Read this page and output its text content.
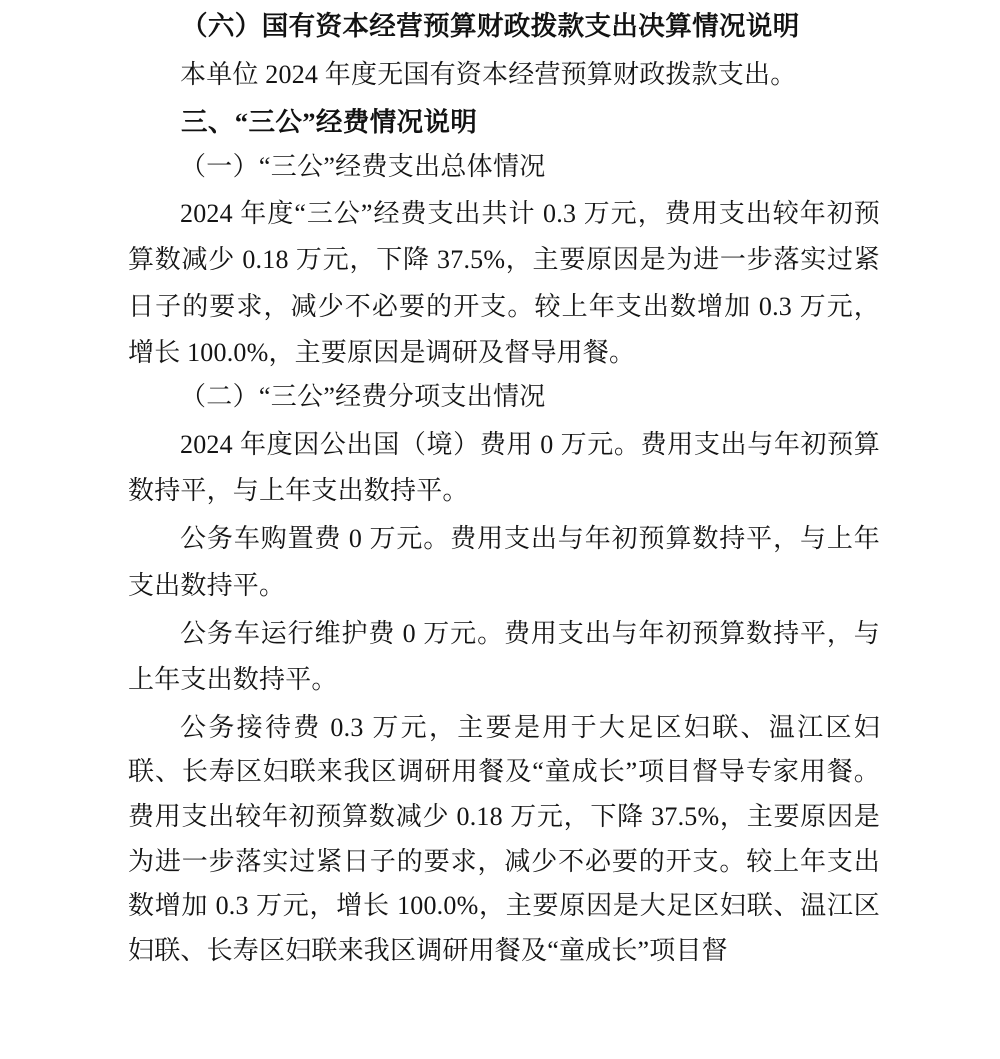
（六）国有资本经营预算财政拨款支出决算情况说明

本单位 2024 年度无国有资本经营预算财政拨款支出。

三、“三公”经费情况说明
（一）“三公”经费支出总体情况

2024 年度“三公”经费支出共计 0.3 万元，费用支出较年初预算数减少 0.18 万元，下降 37.5%，主要原因是为进一步落实过紧日子的要求，减少不必要的开支。较上年支出数增加 0.3 万元，增长 100.0%，主要原因是调研及督导用餐。

（二）“三公”经费分项支出情况

2024 年度因公出国（境）费用 0 万元。费用支出与年初预算数持平，与上年支出数持平。

公务车购置费 0 万元。费用支出与年初预算数持平，与上年支出数持平。

公务车运行维护费 0 万元。费用支出与年初预算数持平，与上年支出数持平。

公务接待费 0.3 万元，主要是用于大足区妇联、温江区妇联、长寿区妇联来我区调研用餐及“童成长”项目督导专家用餐。费用支出较年初预算数减少 0.18 万元，下降 37.5%，主要原因是为进一步落实过紧日子的要求，减少不必要的开支。较上年支出数增加 0.3 万元，增长 100.0%，主要原因是大足区妇联、温江区妇联、长寿区妇联来我区调研用餐及“童成长”项目督
